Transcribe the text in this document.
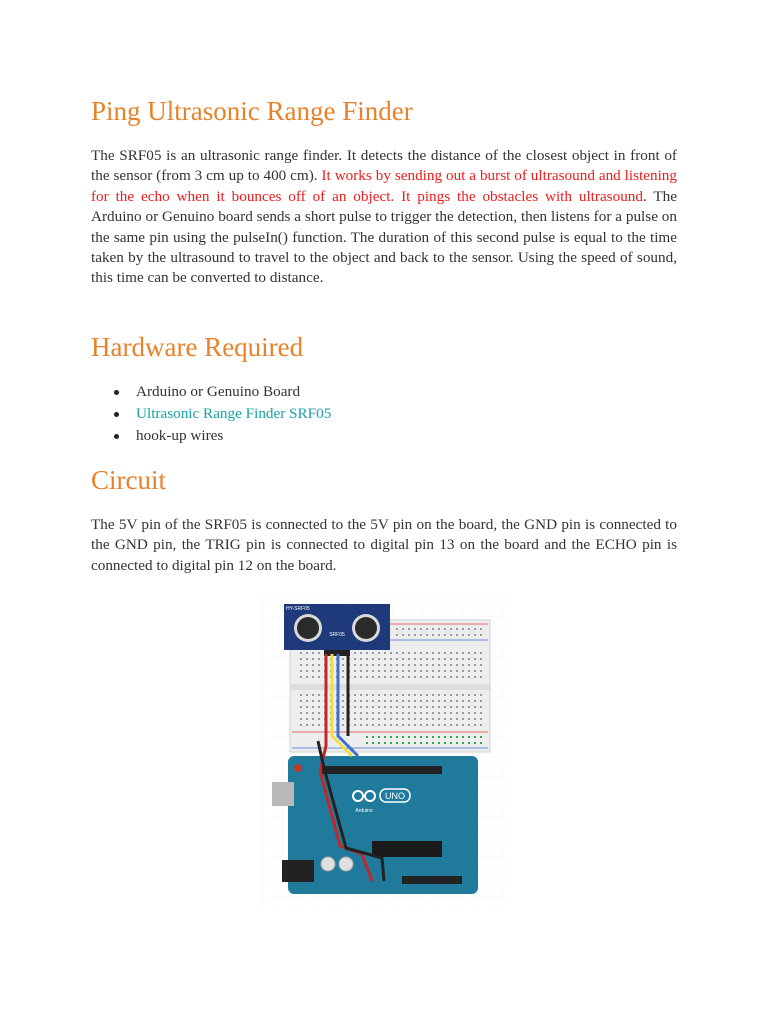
Ping Ultrasonic Range Finder

The SRF05 is an ultrasonic range finder. It detects the distance of the closest object in front of the sensor (from 3 cm up to 400 cm). It works by sending out a burst of ultrasound and listening for the echo when it bounces off of an object. It pings the obstacles with ultrasound. The Arduino or Genuino board sends a short pulse to trigger the detection, then listens for a pulse on the same pin using the pulseIn() function. The duration of this second pulse is equal to the time taken by the ultrasound to travel to the object and back to the sensor. Using the speed of sound, this time can be converted to distance.

Hardware Required
Arduino or Genuino Board
Ultrasonic Range Finder SRF05
hook-up wires
Circuit

The 5V pin of the SRF05 is connected to the 5V pin on the board, the GND pin is connected to the GND pin, the TRIG pin is connected to digital pin 13 on the board and the ECHO pin is connected to digital pin 12 on the board.

UNO
Arduino
HY-SRF05
SRF05
